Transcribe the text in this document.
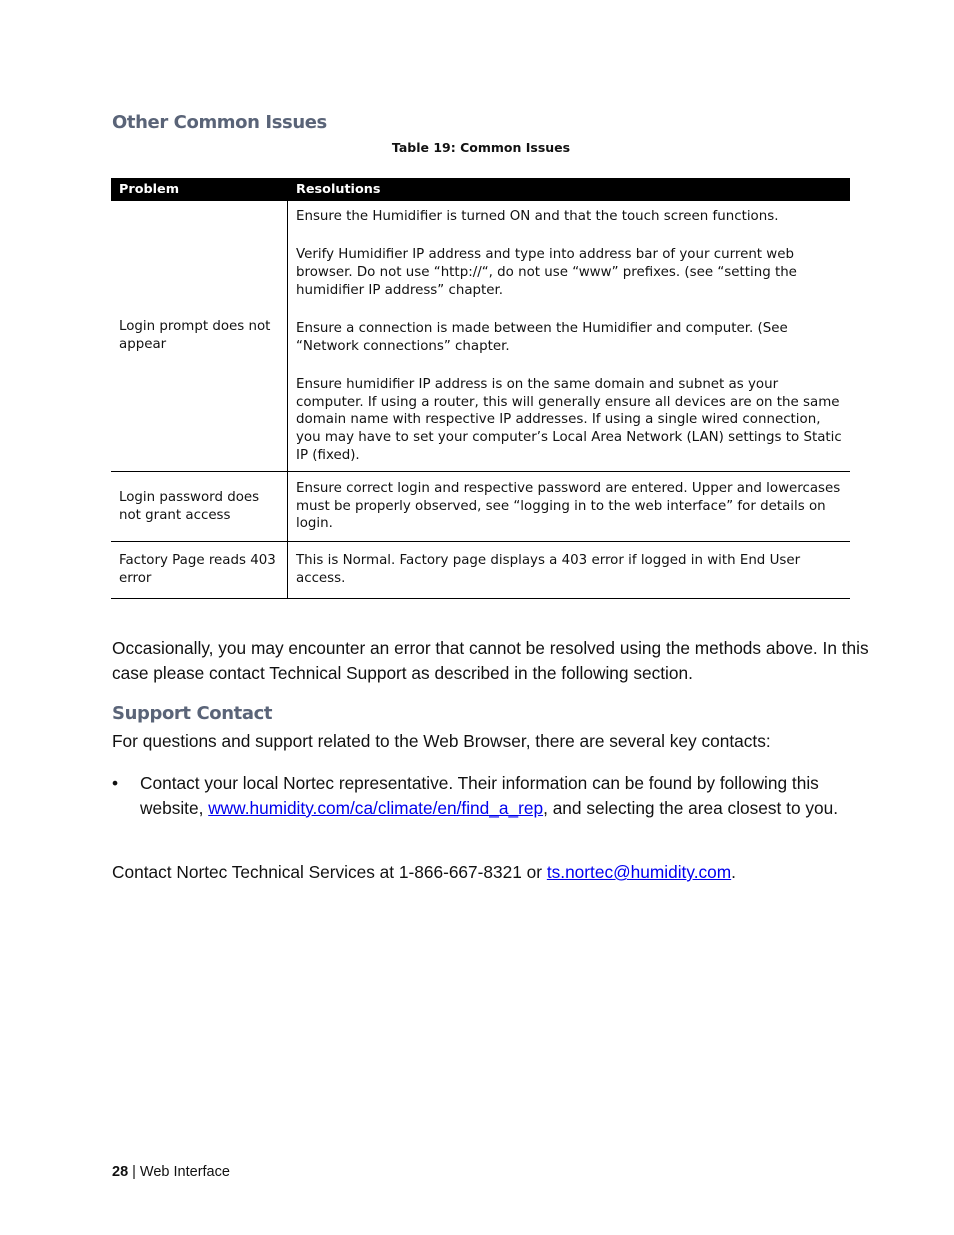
Other Common Issues
Table 19: Common Issues
Problem	Resolutions
Login prompt does not appear	Ensure the Humidifier is turned ON and that the touch screen functions.
Verify Humidifier IP address and type into address bar of your current web browser. Do not use “http://“, do not use “www” prefixes. (see “setting the humidifier IP address” chapter.
Ensure a connection is made between the Humidifier and computer. (See “Network connections” chapter.
Ensure humidifier IP address is on the same domain and subnet as your computer. If using a router, this will generally ensure all devices are on the same domain name with respective IP addresses. If using a single wired connection, you may have to set your computer’s Local Area Network (LAN) settings to Static IP (fixed).

Login password does not grant access	Ensure correct login and respective password are entered. Upper and lowercases must be properly observed, see “logging in to the web interface” for details on login.

Factory Page reads 403 error	This is Normal. Factory page displays a 403 error if logged in with End User access.

Occasionally, you may encounter an error that cannot be resolved using the methods above. In this case please contact Technical Support as described in the following section.

Support Contact

For questions and support related to the Web Browser, there are several key contacts:

• Contact your local Nortec representative. Their information can be found by following this website, www.humidity.com/ca/climate/en/find_a_rep, and selecting the area closest to you.

Contact Nortec Technical Services at 1-866-667-8321 or ts.nortec@humidity.com.

28 | Web Interface
